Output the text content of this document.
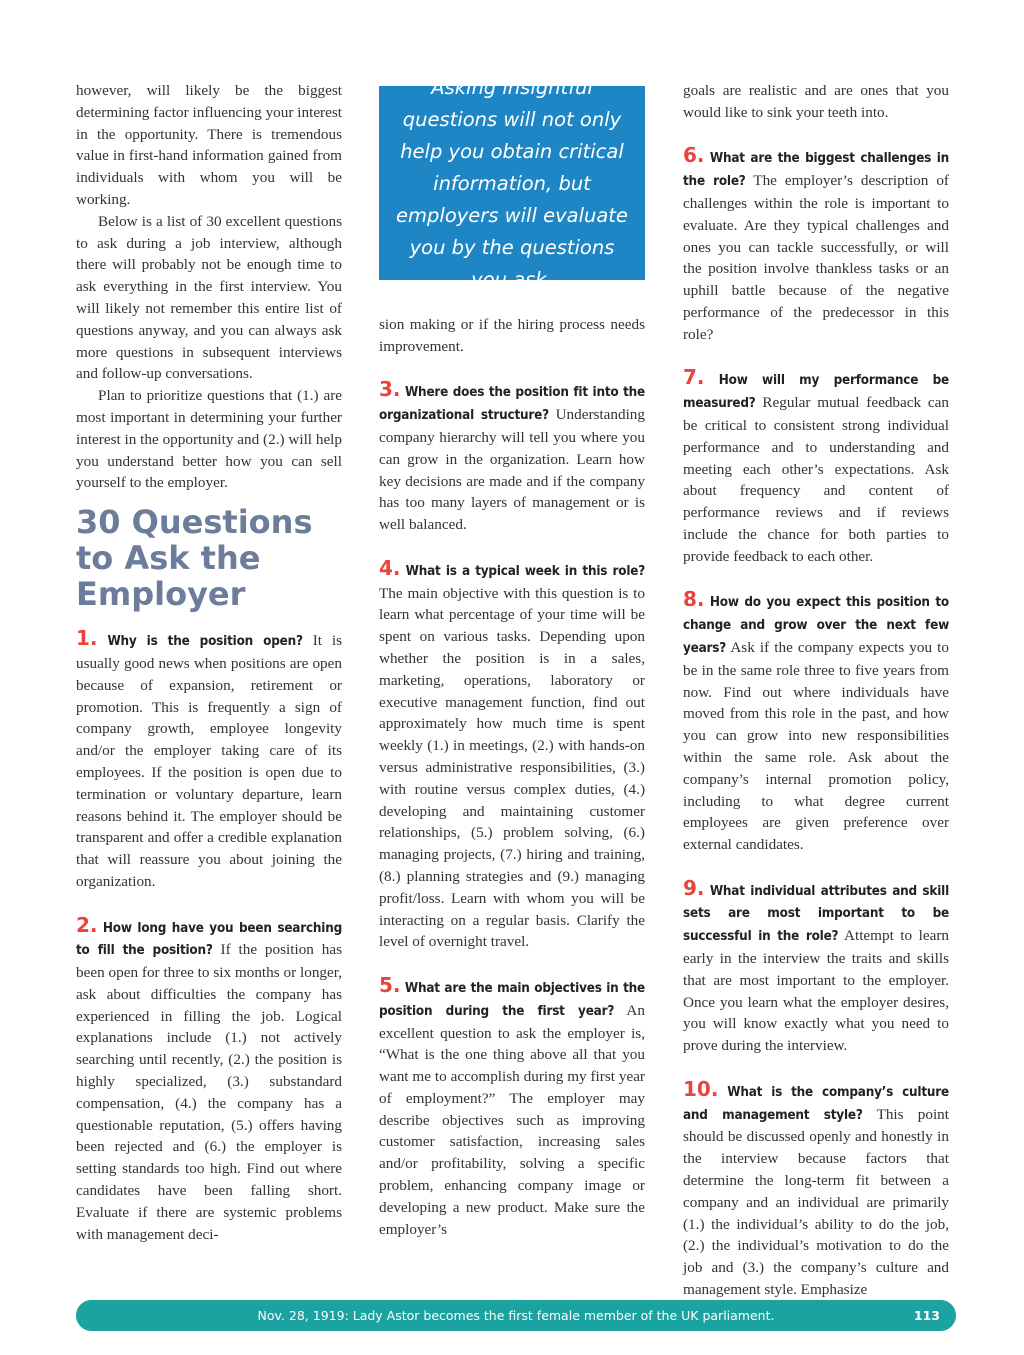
however, will likely be the biggest determining factor influencing your interest in the opportunity. There is tremendous value in first-hand information gained from individuals with whom you will be working.

Below is a list of 30 excellent questions to ask during a job interview, although there will probably not be enough time to ask everything in the first interview. You will likely not remember this entire list of questions anyway, and you can always ask more questions in subsequent interviews and follow-up conversations.

Plan to prioritize questions that (1.) are most important in determining your further interest in the opportunity and (2.) will help you understand better how you can sell yourself to the employer.

30 Questions to Ask the Employer

1. Why is the position open? It is usually good news when positions are open because of expansion, retirement or promotion. This is frequently a sign of company growth, employee longevity and/or the employer taking care of its employees. If the position is open due to termination or voluntary departure, learn reasons behind it. The employer should be transparent and offer a credible explanation that will reassure you about joining the organization.

2. How long have you been searching to fill the position? If the position has been open for three to six months or longer, ask about difficulties the company has experienced in filling the job. Logical explanations include (1.) not actively searching until recently, (2.) the position is highly specialized, (3.) substandard compensation, (4.) the company has a questionable reputation, (5.) offers having been rejected and (6.) the employer is setting standards too high. Find out where candidates have been falling short. Evaluate if there are systemic problems with management deci-

Asking insightful questions will not only help you obtain critical information, but employers will evaluate you by the questions you ask.

sion making or if the hiring process needs improvement.

3. Where does the position fit into the organizational structure? Understanding company hierarchy will tell you where you can grow in the organization. Learn how key decisions are made and if the company has too many layers of management or is well balanced.

4. What is a typical week in this role? The main objective with this question is to learn what percentage of your time will be spent on various tasks. Depending upon whether the position is in a sales, marketing, operations, laboratory or executive management function, find out approximately how much time is spent weekly (1.) in meetings, (2.) with hands-on versus administrative responsibilities, (3.) with routine versus complex duties, (4.) developing and maintaining customer relationships, (5.) problem solving, (6.) managing projects, (7.) hiring and training, (8.) planning strategies and (9.) managing profit/loss. Learn with whom you will be interacting on a regular basis. Clarify the level of overnight travel.

5. What are the main objectives in the position during the first year? An excellent question to ask the employer is, “What is the one thing above all that you want me to accomplish during my first year of employment?” The employer may describe objectives such as improving customer satisfaction, increasing sales and/or profitability, solving a specific problem, enhancing company image or developing a new product. Make sure the employer’s

goals are realistic and are ones that you would like to sink your teeth into.

6. What are the biggest challenges in the role? The employer’s description of challenges within the role is important to evaluate. Are they typical challenges and ones you can tackle successfully, or will the position involve thankless tasks or an uphill battle because of the negative performance of the predecessor in this role?

7. How will my performance be measured? Regular mutual feedback can be critical to consistent strong individual performance and to understanding and meeting each other’s expectations. Ask about frequency and content of performance reviews and if reviews include the chance for both parties to provide feedback to each other.

8. How do you expect this position to change and grow over the next few years? Ask if the company expects you to be in the same role three to five years from now. Find out where individuals have moved from this role in the past, and how you can grow into new responsibilities within the same role. Ask about the company’s internal promotion policy, including to what degree current employees are given preference over external candidates.

9. What individual attributes and skill sets are most important to be successful in the role? Attempt to learn early in the interview the traits and skills that are most important to the employer. Once you learn what the employer desires, you will know exactly what you need to prove during the interview.

10. What is the company’s culture and management style? This point should be discussed openly and honestly in the interview because factors that determine the long-term fit between a company and an individual are primarily (1.) the individual’s ability to do the job, (2.) the individual’s motivation to do the job and (3.) the company’s culture and management style. Emphasize

Nov. 28, 1919: Lady Astor becomes the first female member of the UK parliament.	113
